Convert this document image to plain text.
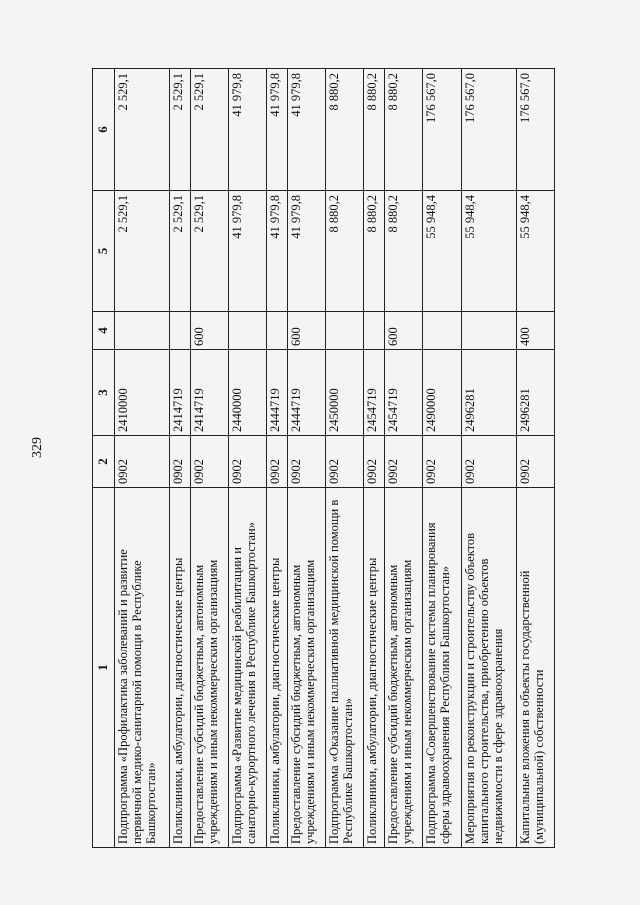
329
1	2	3	4	5	6
Подпрограмма «Профилактика заболеваний и развитие первичной медико-санитарной помощи в Республике Башкортостан»	0902	2410000		2 529,1	2 529,1
Поликлиники, амбулатории, диагностические центры	0902	2414719		2 529,1	2 529,1
Предоставление субсидий бюджетным, автономным учреждениям и иным некоммерческим организациям	0902	2414719	600	2 529,1	2 529,1
Подпрограмма «Развитие медицинской реабилитации и санаторно-курортного лечения в Республике Башкортостан»	0902	2440000		41 979,8	41 979,8
Поликлиники, амбулатории, диагностические центры	0902	2444719		41 979,8	41 979,8
Предоставление субсидий бюджетным, автономным учреждениям и иным некоммерческим организациям	0902	2444719	600	41 979,8	41 979,8
Подпрограмма «Оказание паллиативной медицинской помощи в Республике Башкортостан»	0902	2450000		8 880,2	8 880,2
Поликлиники, амбулатории, диагностические центры	0902	2454719		8 880,2	8 880,2
Предоставление субсидий бюджетным, автономным учреждениям и иным некоммерческим организациям	0902	2454719	600	8 880,2	8 880,2
Подпрограмма «Совершенствование системы планирования сферы здравоохранения Республики Башкортостан»	0902	2490000		55 948,4	176 567,0
Мероприятия по реконструкции и строительству объектов капитального строительства, приобретению объектов недвижимости в сфере здравоохранения	0902	2496281		55 948,4	176 567,0
Капитальные вложения в объекты государственной (муниципальной) собственности	0902	2496281	400	55 948,4	176 567,0
